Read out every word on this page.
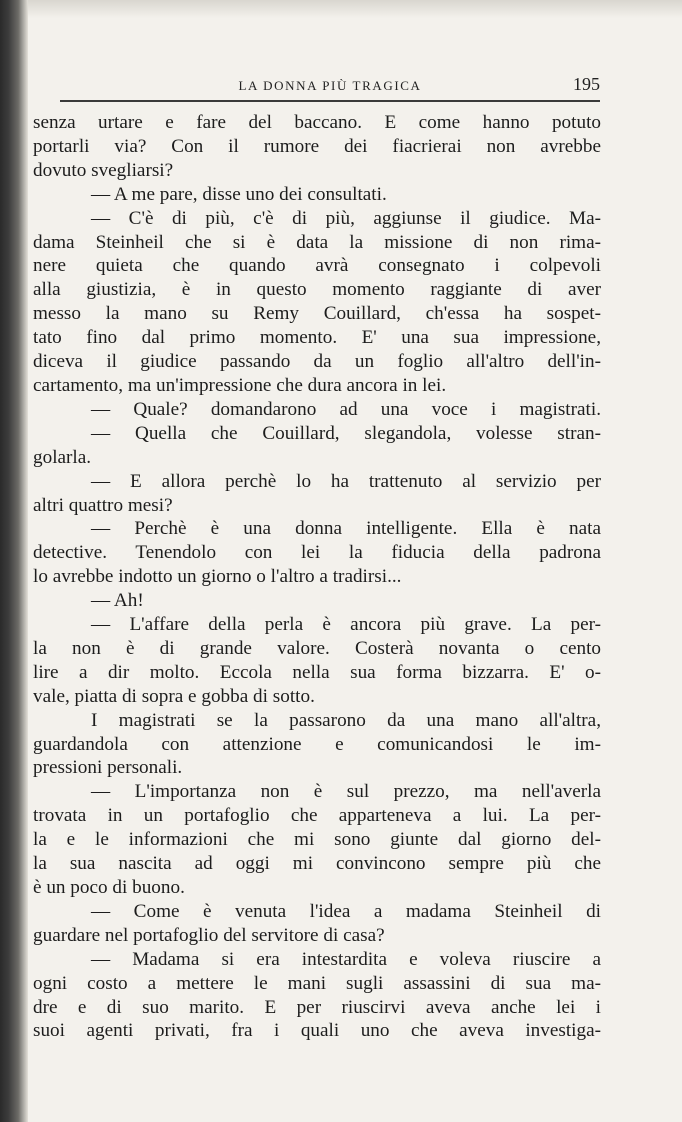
LA DONNA PIÙ TRAGICA	195
senza urtare e fare del baccano. E come hanno potuto
portarli via? Con il rumore dei fiacrierai non avrebbe
dovuto svegliarsi?
— A me pare, disse uno dei consultati.
— C'è di più, c'è di più, aggiunse il giudice. Ma-
dama Steinheil che si è data la missione di non rima-
nere quieta che quando avrà consegnato i colpevoli
alla giustizia, è in questo momento raggiante di aver
messo la mano su Remy Couillard, ch'essa ha sospet-
tato fino dal primo momento. E' una sua impressione,
diceva il giudice passando da un foglio all'altro dell'in-
cartamento, ma un'impressione che dura ancora in lei.
— Quale? domandarono ad una voce i magistrati.
— Quella che Couillard, slegandola, volesse stran-
golarla.
— E allora perchè lo ha trattenuto al servizio per
altri quattro mesi?
— Perchè è una donna intelligente. Ella è nata
detective. Tenendolo con lei la fiducia della padrona
lo avrebbe indotto un giorno o l'altro a tradirsi...
— Ah!
— L'affare della perla è ancora più grave. La per-
la non è di grande valore. Costerà novanta o cento
lire a dir molto. Eccola nella sua forma bizzarra. E' o-
vale, piatta di sopra e gobba di sotto.
I magistrati se la passarono da una mano all'altra,
guardandola con attenzione e comunicandosi le im-
pressioni personali.
— L'importanza non è sul prezzo, ma nell'averla
trovata in un portafoglio che apparteneva a lui. La per-
la e le informazioni che mi sono giunte dal giorno del-
la sua nascita ad oggi mi convincono sempre più che
è un poco di buono.
— Come è venuta l'idea a madama Steinheil di
guardare nel portafoglio del servitore di casa?
— Madama si era intestardita e voleva riuscire a
ogni costo a mettere le mani sugli assassini di sua ma-
dre e di suo marito. E per riuscirvi aveva anche lei i
suoi agenti privati, fra i quali uno che aveva investiga-
